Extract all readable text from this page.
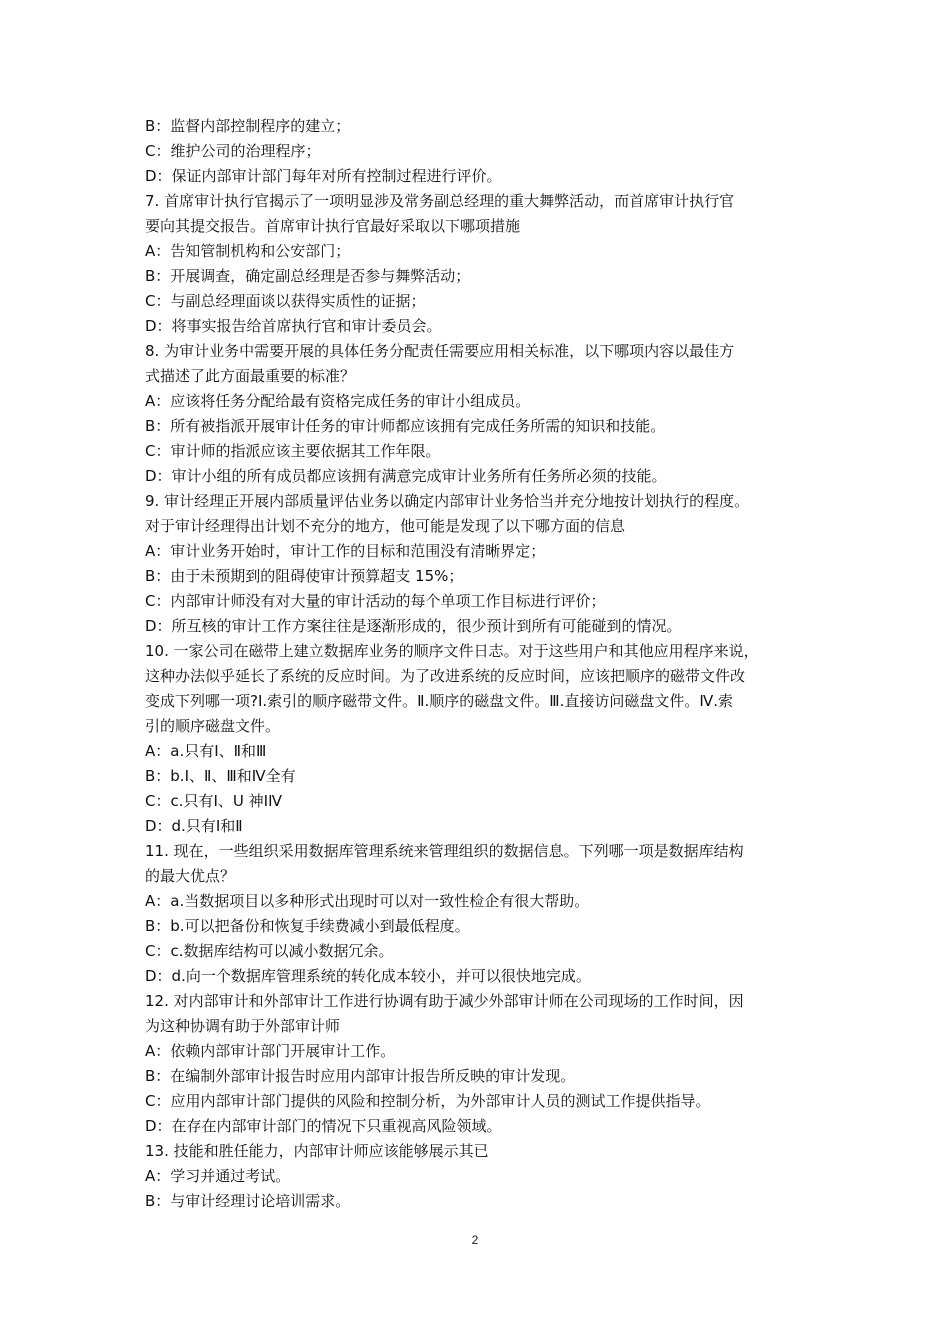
B：监督内部控制程序的建立；
C：维护公司的治理程序；
D：保证内部审计部门每年对所有控制过程进行评价。
7. 首席审计执行官揭示了一项明显涉及常务副总经理的重大舞弊活动，而首席审计执行官
要向其提交报告。首席审计执行官最好采取以下哪项措施
A：告知管制机构和公安部门；
B：开展调查，确定副总经理是否参与舞弊活动；
C：与副总经理面谈以获得实质性的证据；
D：将事实报告给首席执行官和审计委员会。
8. 为审计业务中需要开展的具体任务分配责任需要应用相关标准，以下哪项内容以最佳方
式描述了此方面最重要的标准？
A：应该将任务分配给最有资格完成任务的审计小组成员。
B：所有被指派开展审计任务的审计师都应该拥有完成任务所需的知识和技能。
C：审计师的指派应该主要依据其工作年限。
D：审计小组的所有成员都应该拥有满意完成审计业务所有任务所必须的技能。
9. 审计经理正开展内部质量评估业务以确定内部审计业务恰当并充分地按计划执行的程度。
对于审计经理得出计划不充分的地方，他可能是发现了以下哪方面的信息
A：审计业务开始时，审计工作的目标和范围没有清晰界定；
B：由于未预期到的阻碍使审计预算超支 15%；
C：内部审计师没有对大量的审计活动的每个单项工作目标进行评价；
D：所互核的审计工作方案往往是逐渐形成的，很少预计到所有可能碰到的情况。
10. 一家公司在磁带上建立数据库业务的顺序文件日志。对于这些用户和其他应用程序来说，
这种办法似乎延长了系统的反应时间。为了改进系统的反应时间，应该把顺序的磁带文件改
变成下列哪一项?I.索引的顺序磁带文件。Ⅱ.顺序的磁盘文件。Ⅲ.直接访问磁盘文件。Ⅳ.索
引的顺序磁盘文件。
A：a.只有Ⅰ、Ⅱ和Ⅲ
B：b.Ⅰ、Ⅱ、Ⅲ和Ⅳ全有
C：c.只有Ⅰ、U 神ⅠⅣ
D：d.只有Ⅰ和Ⅱ
11. 现在，一些组织采用数据库管理系统来管理组织的数据信息。下列哪一项是数据库结构
的最大优点？
A：a.当数据项目以多种形式出现时可以对一致性检企有很大帮助。
B：b.可以把备份和恢复手续费减小到最低程度。
C：c.数据库结构可以减小数据冗余。
D：d.向一个数据库管理系统的转化成本较小，并可以很快地完成。
12. 对内部审计和外部审计工作进行协调有助于减少外部审计师在公司现场的工作时间，因
为这种协调有助于外部审计师
A：依赖内部审计部门开展审计工作。
B：在编制外部审计报告时应用内部审计报告所反映的审计发现。
C：应用内部审计部门提供的风险和控制分析，为外部审计人员的测试工作提供指导。
D：在存在内部审计部门的情况下只重视高风险领域。
13. 技能和胜任能力，内部审计师应该能够展示其已
A：学习并通过考试。
B：与审计经理讨论培训需求。
2
